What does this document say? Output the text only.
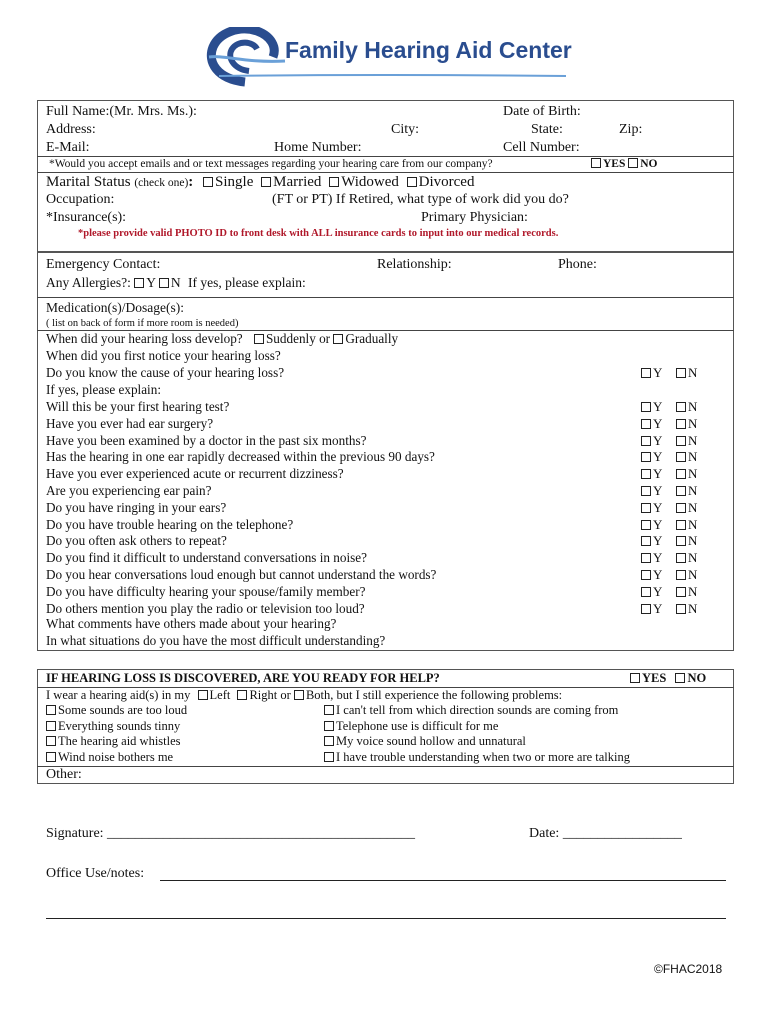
Family Hearing Aid Center
Full Name:(Mr. Mrs. Ms.):	Date of Birth:
Address:	City:	State:	Zip:
E-Mail:	Home Number:	Cell Number:
*Would you accept emails and or text messages regarding your hearing care from our company?	YES NO
Marital Status (check one): Single Married Widowed Divorced
Occupation:	(FT or PT) If Retired, what type of work did you do?
*Insurance(s):	Primary Physician:
*please provide valid PHOTO ID to front desk with ALL insurance cards to input into our medical records.
Emergency Contact:	Relationship:	Phone:
Any Allergies?: Y N If yes, please explain:
Medication(s)/Dosage(s):
( list on back of form if more room is needed)
When did your hearing loss develop? Suddenly or Gradually
When did you first notice your hearing loss?
Do you know the cause of your hearing loss?	Y	N
If yes, please explain:
Will this be your first hearing test?	Y	N
Have you ever had ear surgery?	Y	N
Have you been examined by a doctor in the past six months?	Y	N
Has the hearing in one ear rapidly decreased within the previous 90 days?	Y	N
Have you ever experienced acute or recurrent dizziness?	Y	N
Are you experiencing ear pain?	Y	N
Do you have ringing in your ears?	Y	N
Do you have trouble hearing on the telephone?	Y	N
Do you often ask others to repeat?	Y	N
Do you find it difficult to understand conversations in noise?	Y	N
Do you hear conversations loud enough but cannot understand the words?	Y	N
Do you have difficulty hearing your spouse/family member?	Y	N
Do others mention you play the radio or television too loud?	Y	N
What comments have others made about your hearing?
In what situations do you have the most difficult understanding?
IF HEARING LOSS IS DISCOVERED, ARE YOU READY FOR HELP?	YES NO
I wear a hearing aid(s) in my Left Right or Both, but I still experience the following problems:
Some sounds are too loud
Everything sounds tinny
The hearing aid whistles
Wind noise bothers me
I can't tell from which direction sounds are coming from
Telephone use is difficult for me
My voice sound hollow and unnatural
I have trouble understanding when two or more are talking
Other:
Signature: ____________________________________________	Date: _________________
Office Use/notes:
©FHAC2018
